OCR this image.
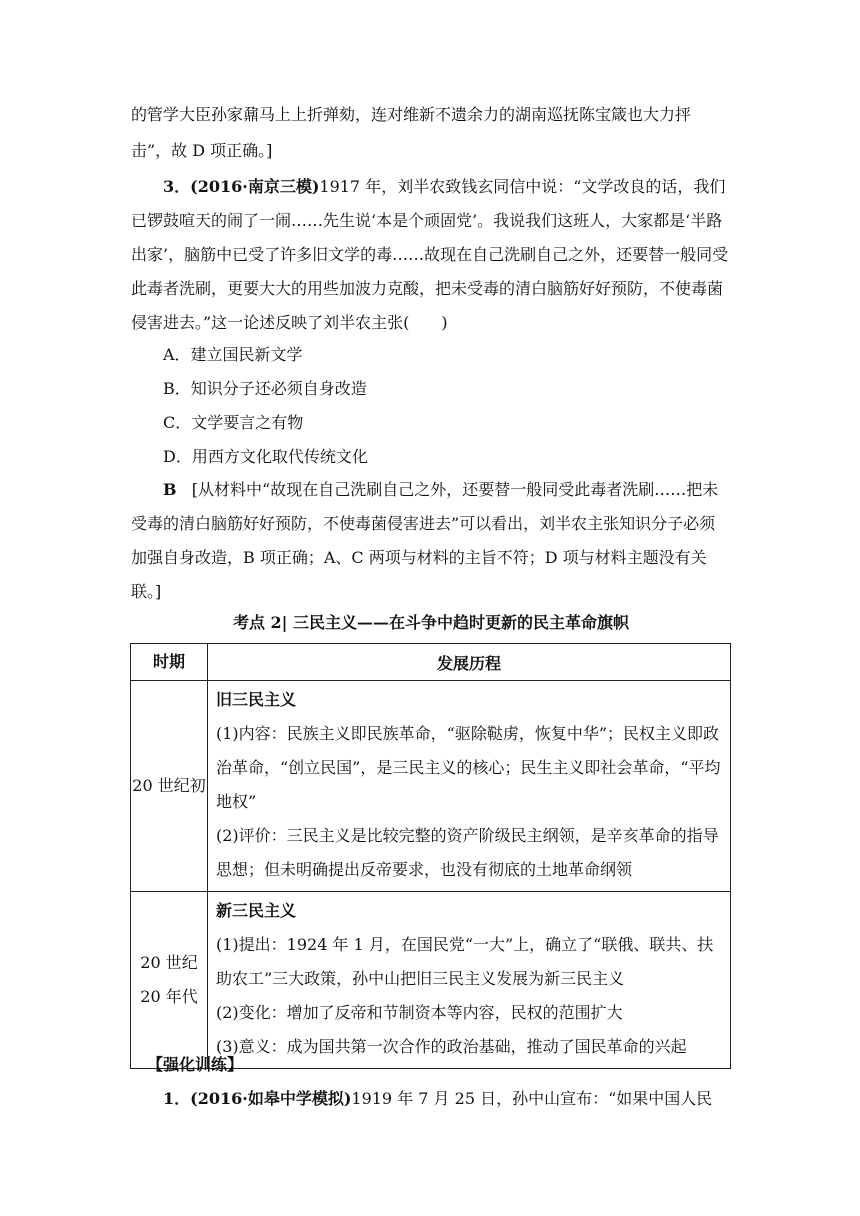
的管学大臣孙家鼐马上上折弹劾，连对维新不遗余力的湖南巡抚陈宝箴也大力抨
击”，故 D 项正确。]
3．(2016·南京三模)1917 年，刘半农致钱玄同信中说：“文学改良的话，我们已锣鼓喧天的闹了一闹……先生说‘本是个顽固党’。我说我们这班人，大家都是‘半路出家’，脑筋中已受了许多旧文学的毒……故现在自己洗刷自己之外，还要替一般同受此毒者洗刷，更要大大的用些加波力克酸，把未受毒的清白脑筋好好预防，不使毒菌侵害进去。”这一论述反映了刘半农主张(　　)
A．建立国民新文学
B．知识分子还必须自身改造
C．文学要言之有物
D．用西方文化取代传统文化
B [从材料中“故现在自己洗刷自己之外，还要替一般同受此毒者洗刷……把未受毒的清白脑筋好好预防，不使毒菌侵害进去”可以看出，刘半农主张知识分子必须加强自身改造，B 项正确；A、C 两项与材料的主旨不符；D 项与材料主题没有关联。]
考点 2| 三民主义——在斗争中趋时更新的民主革命旗帜
时期	发展历程
20 世纪初	旧三民主义
(1)内容：民族主义即民族革命，“驱除鞑虏，恢复中华”；民权主义即政治革命，“创立民国”，是三民主义的核心；民生主义即社会革命，“平均地权”
(2)评价：三民主义是比较完整的资产阶级民主纲领，是辛亥革命的指导思想；但未明确提出反帝要求，也没有彻底的土地革命纲领

20 世纪 20 年代	新三民主义
(1)提出：1924 年 1 月，在国民党“一大”上，确立了“联俄、联共、扶助农工”三大政策，孙中山把旧三民主义发展为新三民主义
(2)变化：增加了反帝和节制资本等内容，民权的范围扩大
(3)意义：成为国共第一次合作的政治基础，推动了国民革命的兴起
【强化训练】
1．(2016·如皋中学模拟)1919 年 7 月 25 日，孙中山宣布：“如果中国人民
